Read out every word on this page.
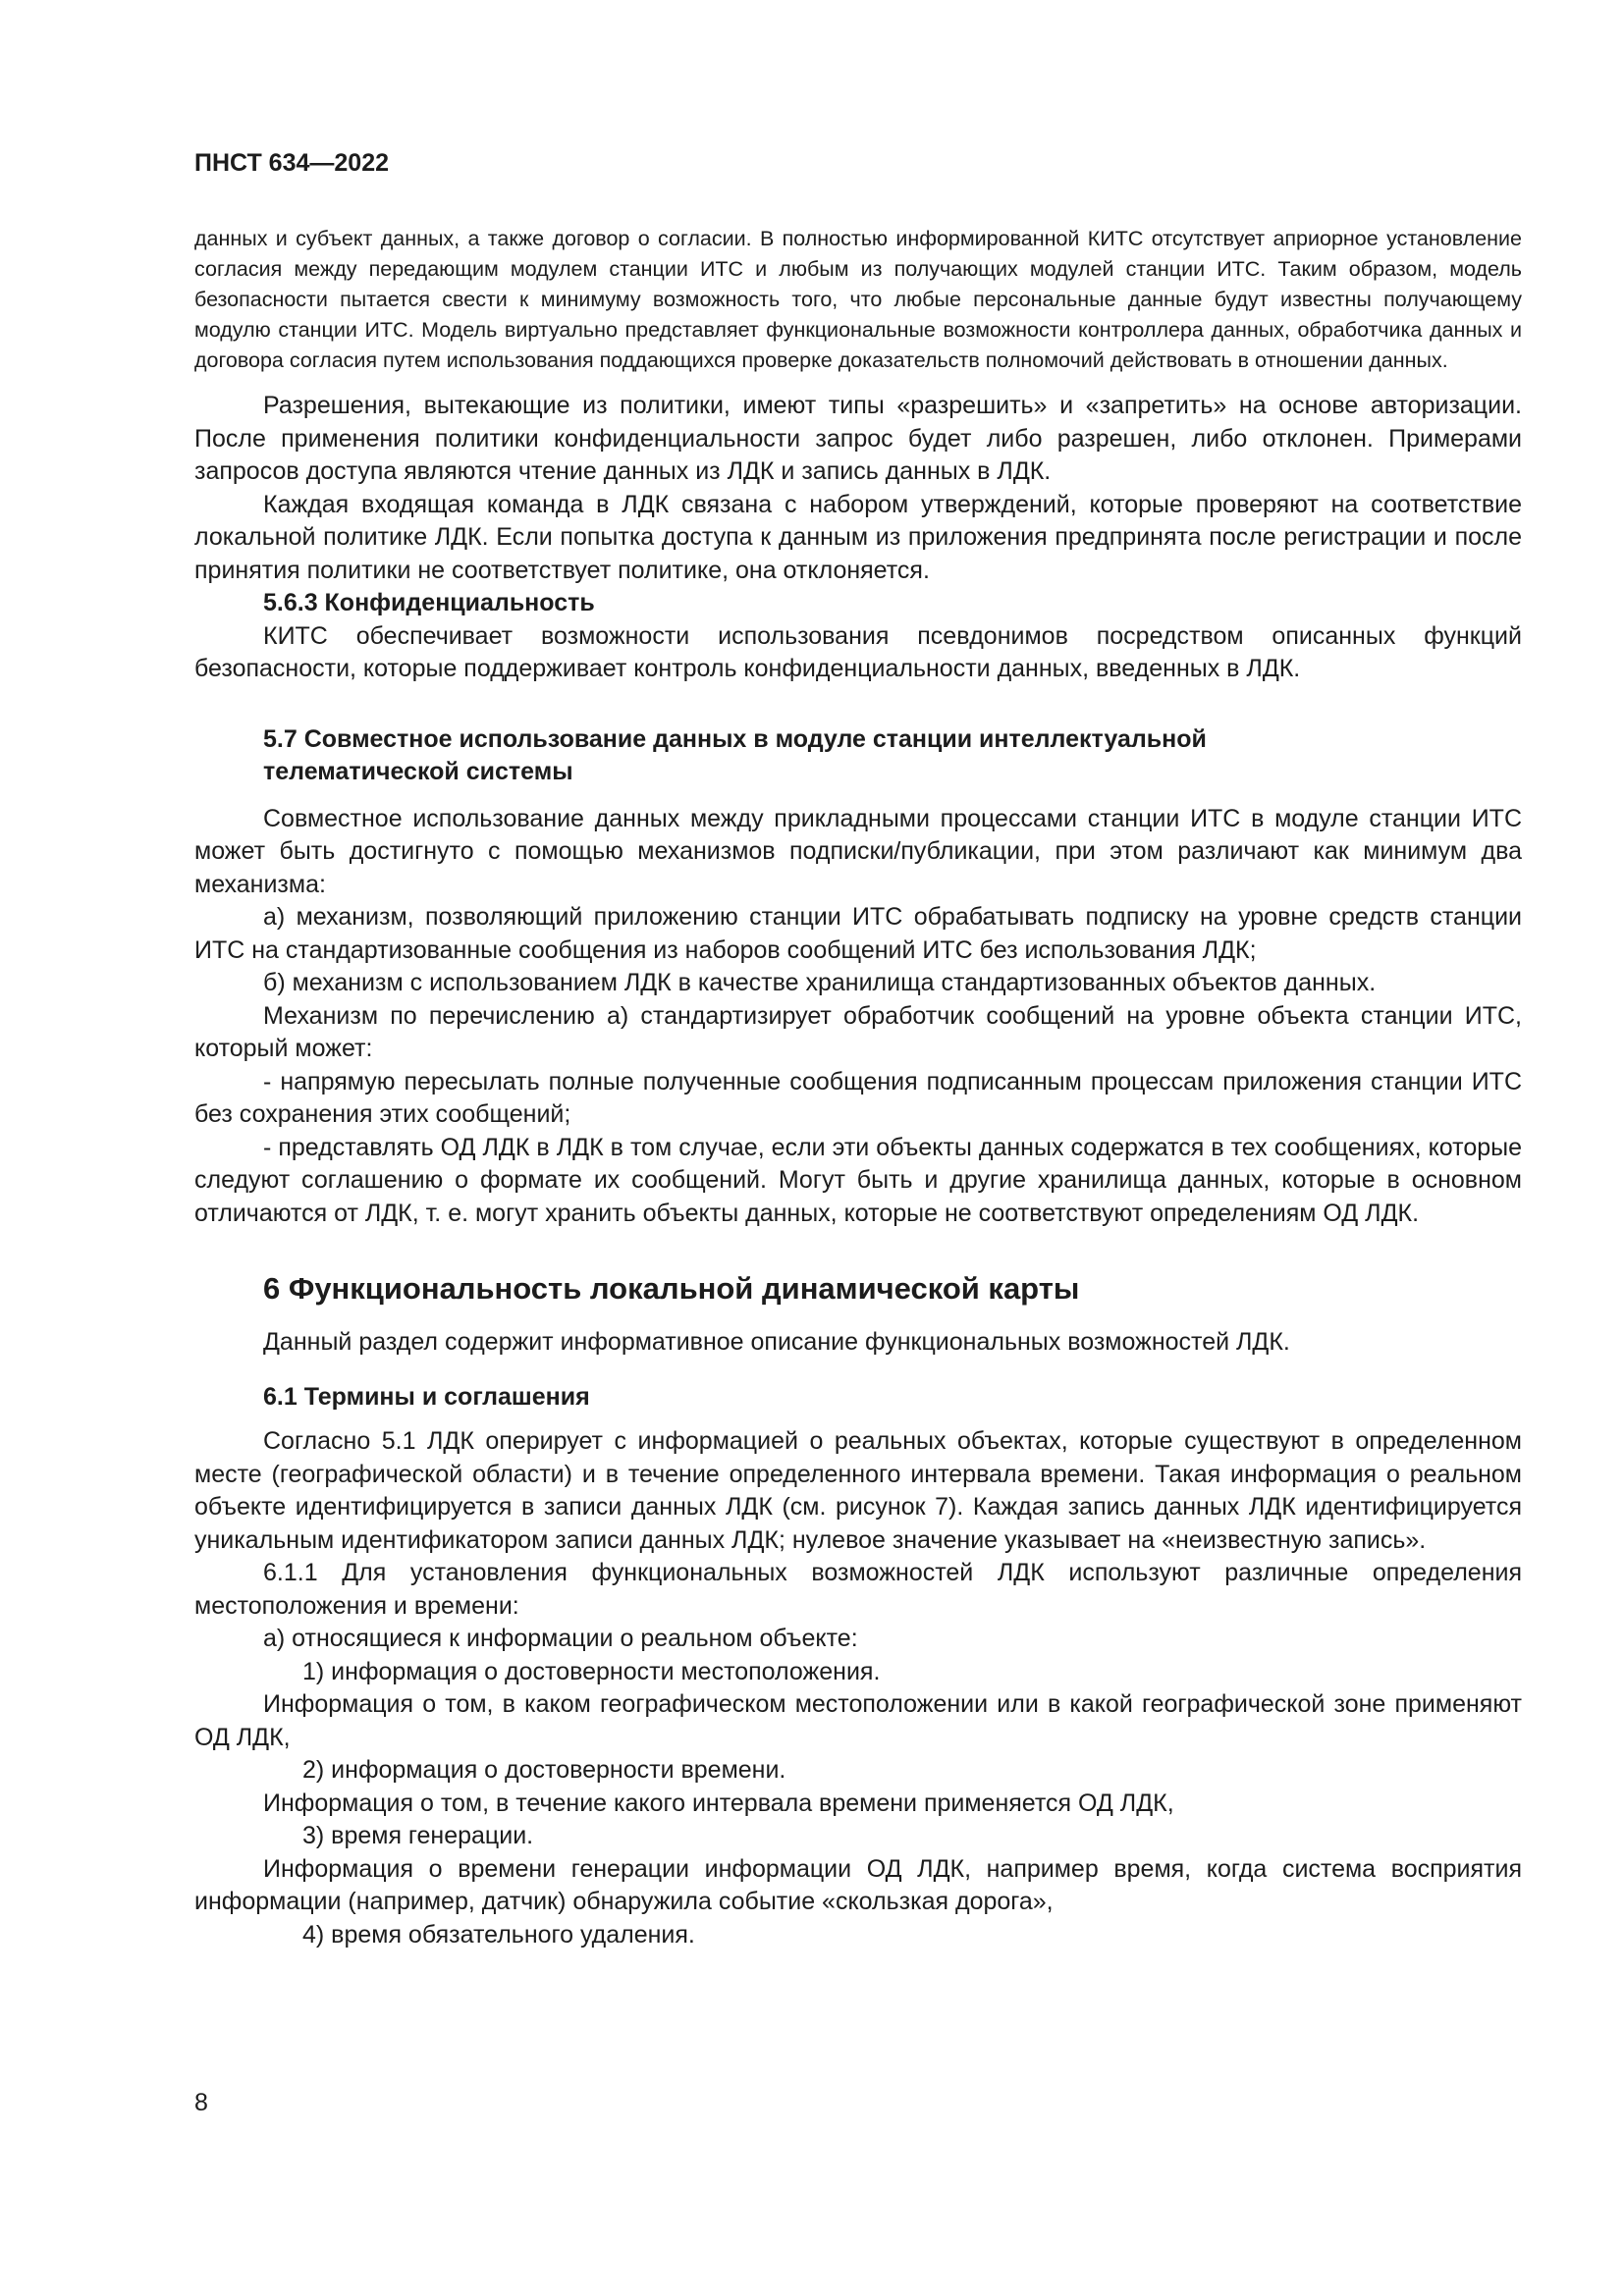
ПНСТ 634—2022

данных и субъект данных, а также договор о согласии. В полностью информированной КИТС отсутствует априорное установление согласия между передающим модулем станции ИТС и любым из получающих модулей станции ИТС. Таким образом, модель безопасности пытается свести к минимуму возможность того, что любые персональные данные будут известны получающему модулю станции ИТС. Модель виртуально представляет функциональные возможности контроллера данных, обработчика данных и договора согласия путем использования поддающихся проверке доказательств полномочий действовать в отношении данных.

Разрешения, вытекающие из политики, имеют типы «разрешить» и «запретить» на основе авторизации. После применения политики конфиденциальности запрос будет либо разрешен, либо отклонен. Примерами запросов доступа являются чтение данных из ЛДК и запись данных в ЛДК.

Каждая входящая команда в ЛДК связана с набором утверждений, которые проверяют на соответствие локальной политике ЛДК. Если попытка доступа к данным из приложения предпринята после регистрации и после принятия политики не соответствует политике, она отклоняется.

5.6.3 Конфиденциальность

КИТС обеспечивает возможности использования псевдонимов посредством описанных функций безопасности, которые поддерживает контроль конфиденциальности данных, введенных в ЛДК.

5.7 Совместное использование данных в модуле станции интеллектуальной
телематической системы

Совместное использование данных между прикладными процессами станции ИТС в модуле станции ИТС может быть достигнуто с помощью механизмов подписки/публикации, при этом различают как минимум два механизма:

а) механизм, позволяющий приложению станции ИТС обрабатывать подписку на уровне средств станции ИТС на стандартизованные сообщения из наборов сообщений ИТС без использования ЛДК;

б) механизм с использованием ЛДК в качестве хранилища стандартизованных объектов данных.

Механизм по перечислению а) стандартизирует обработчик сообщений на уровне объекта станции ИТС, который может:

- напрямую пересылать полные полученные сообщения подписанным процессам приложения станции ИТС без сохранения этих сообщений;

- представлять ОД ЛДК в ЛДК в том случае, если эти объекты данных содержатся в тех сообщениях, которые следуют соглашению о формате их сообщений. Могут быть и другие хранилища данных, которые в основном отличаются от ЛДК, т. е. могут хранить объекты данных, которые не соответствуют определениям ОД ЛДК.

6 Функциональность локальной динамической карты

Данный раздел содержит информативное описание функциональных возможностей ЛДК.

6.1 Термины и соглашения

Согласно 5.1 ЛДК оперирует с информацией о реальных объектах, которые существуют в определенном месте (географической области) и в течение определенного интервала времени. Такая информация о реальном объекте идентифицируется в записи данных ЛДК (см. рисунок 7). Каждая запись данных ЛДК идентифицируется уникальным идентификатором записи данных ЛДК; нулевое значение указывает на «неизвестную запись».

6.1.1 Для установления функциональных возможностей ЛДК используют различные определения местоположения и времени:

а) относящиеся к информации о реальном объекте:

1) информация о достоверности местоположения.

Информация о том, в каком географическом местоположении или в какой географической зоне применяют ОД ЛДК,

2) информация о достоверности времени.

Информация о том, в течение какого интервала времени применяется ОД ЛДК,

3) время генерации.

Информация о времени генерации информации ОД ЛДК, например время, когда система восприятия информации (например, датчик) обнаружила событие «скользкая дорога»,

4) время обязательного удаления.

8
